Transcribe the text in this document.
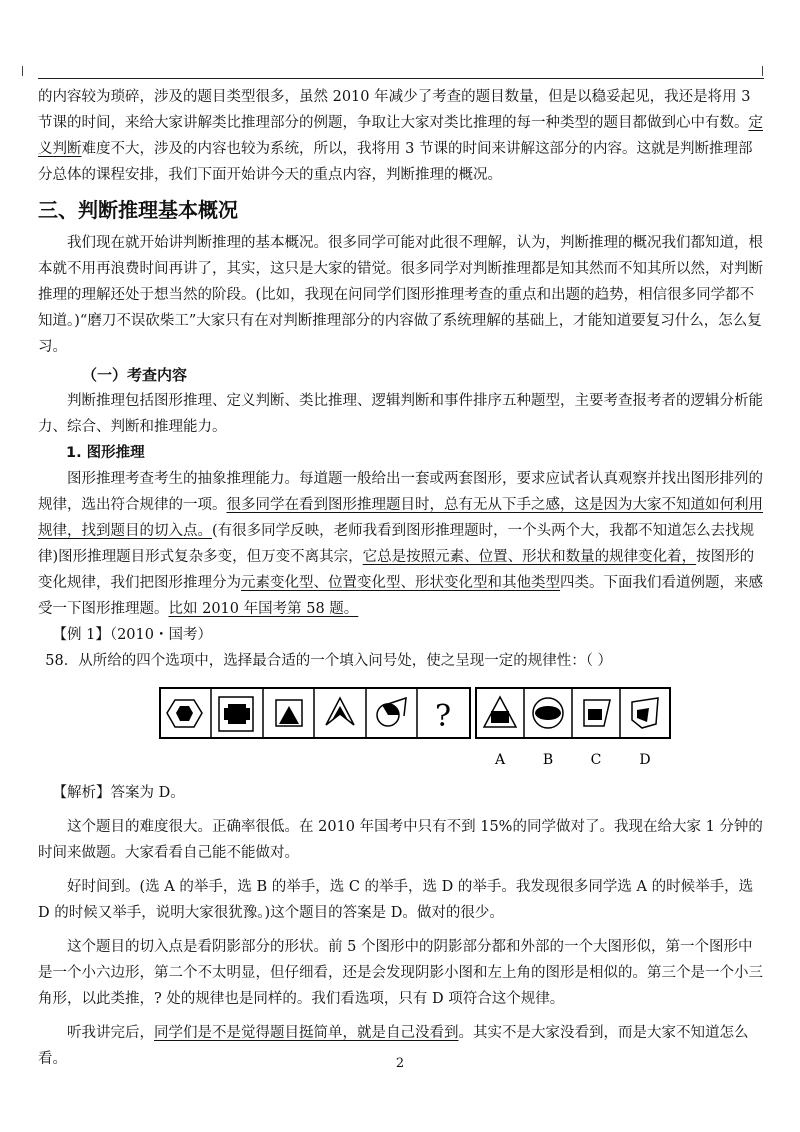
的内容较为琐碎，涉及的题目类型很多，虽然 2010 年减少了考查的题目数量，但是以稳妥起见，我还是将用 3 节课的时间，来给大家讲解类比推理部分的例题，争取让大家对类比推理的每一种类型的题目都做到心中有数。定义判断难度不大，涉及的内容也较为系统，所以，我将用 3 节课的时间来讲解这部分的内容。这就是判断推理部分总体的课程安排，我们下面开始讲今天的重点内容，判断推理的概况。

三、判断推理基本概况

我们现在就开始讲判断推理的基本概况。很多同学可能对此很不理解，认为，判断推理的概况我们都知道，根本就不用再浪费时间再讲了，其实，这只是大家的错觉。很多同学对判断推理都是知其然而不知其所以然，对判断推理的理解还处于想当然的阶段。(比如，我现在问同学们图形推理考查的重点和出题的趋势，相信很多同学都不知道。)“磨刀不误砍柴工”大家只有在对判断推理部分的内容做了系统理解的基础上，才能知道要复习什么，怎么复习。

（一）考查内容

判断推理包括图形推理、定义判断、类比推理、逻辑判断和事件排序五种题型，主要考查报考者的逻辑分析能力、综合、判断和推理能力。

1. 图形推理

图形推理考查考生的抽象推理能力。每道题一般给出一套或两套图形，要求应试者认真观察并找出图形排列的规律，选出符合规律的一项。很多同学在看到图形推理题目时，总有无从下手之感，这是因为大家不知道如何利用规律，找到题目的切入点。(有很多同学反映，老师我看到图形推理题时，一个头两个大，我都不知道怎么去找规律)图形推理题目形式复杂多变，但万变不离其宗，它总是按照元素、位置、形状和数量的规律变化着，按图形的变化规律，我们把图形推理分为元素变化型、位置变化型、形状变化型和其他类型四类。下面我们看道例题，来感受一下图形推理题。比如 2010 年国考第 58 题。

【例 1】（2010・国考）

58．从所给的四个选项中，选择最合适的一个填入问号处，使之呈现一定的规律性：（ ）

?
A	B	C	D

【解析】答案为 D。

这个题目的难度很大。正确率很低。在 2010 年国考中只有不到 15%的同学做对了。我现在给大家 1 分钟的时间来做题。大家看看自己能不能做对。

好时间到。(选 A 的举手，选 B 的举手，选 C 的举手，选 D 的举手。我发现很多同学选 A 的时候举手，选 D 的时候又举手，说明大家很犹豫。)这个题目的答案是 D。做对的很少。

这个题目的切入点是看阴影部分的形状。前 5 个图形中的阴影部分都和外部的一个大图形似，第一个图形中是一个小六边形，第二个不太明显，但仔细看，还是会发现阴影小图和左上角的图形是相似的。第三个是一个小三角形，以此类推，? 处的规律也是同样的。我们看选项，只有 D 项符合这个规律。

听我讲完后，同学们是不是觉得题目挺简单，就是自己没看到。其实不是大家没看到，而是大家不知道怎么看。	2
